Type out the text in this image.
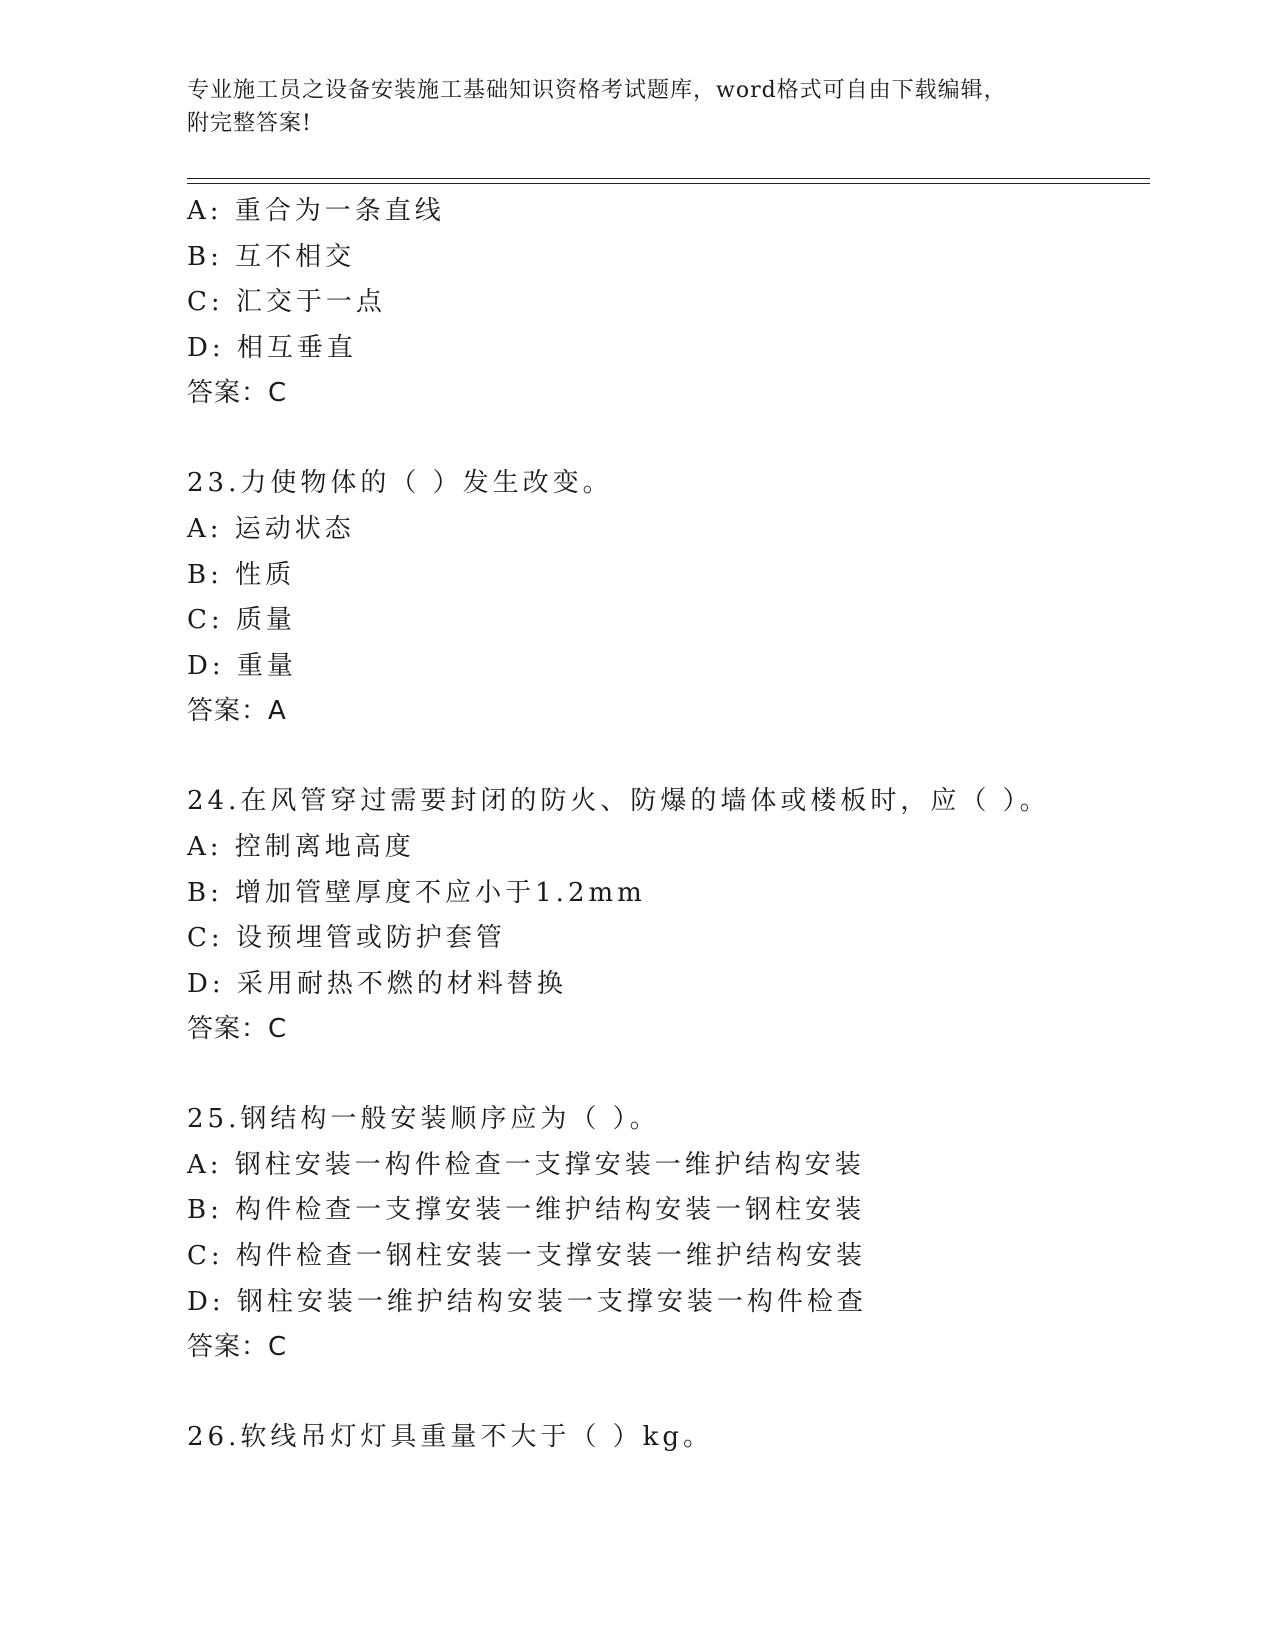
专业施工员之设备安装施工基础知识资格考试题库，word格式可自由下载编辑，
附完整答案!
A: 重合为一条直线
B: 互不相交
C: 汇交于一点
D: 相互垂直
答案：C
23.力使物体的（ ）发生改变。
A: 运动状态
B: 性质
C: 质量
D: 重量
答案：A
24.在风管穿过需要封闭的防火、防爆的墙体或楼板时，应（ ）。
A: 控制离地高度
B: 增加管壁厚度不应小于1.2mm
C: 设预埋管或防护套管
D: 采用耐热不燃的材料替换
答案：C
25.钢结构一般安装顺序应为（ ）。
A: 钢柱安装一构件检查一支撑安装一维护结构安装
B: 构件检查一支撑安装一维护结构安装一钢柱安装
C: 构件检查一钢柱安装一支撑安装一维护结构安装
D: 钢柱安装一维护结构安装一支撑安装一构件检查
答案：C
26.软线吊灯灯具重量不大于（ ）kg。
